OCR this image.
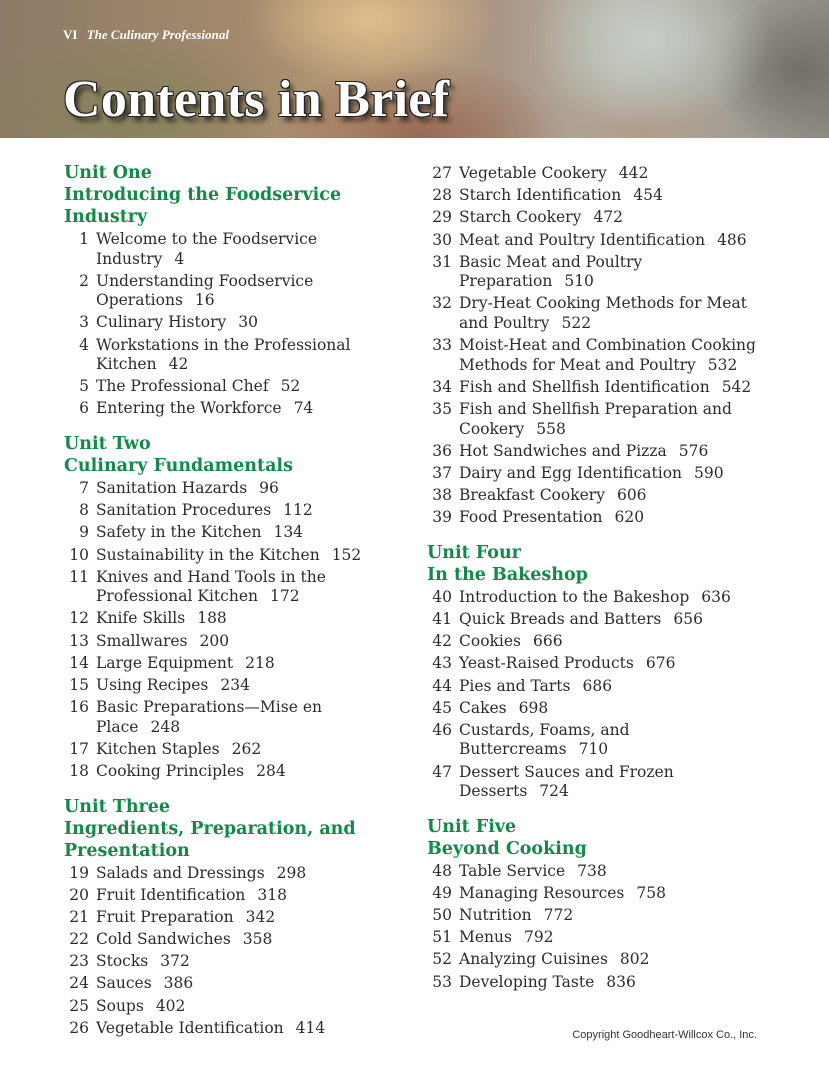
VI The Culinary Professional
Contents in Brief
Unit One
Introducing the Foodservice Industry
1 Welcome to the Foodservice Industry 4
2 Understanding Foodservice Operations 16
3 Culinary History 30
4 Workstations in the Professional Kitchen 42
5 The Professional Chef 52
6 Entering the Workforce 74
Unit Two
Culinary Fundamentals
7 Sanitation Hazards 96
8 Sanitation Procedures 112
9 Safety in the Kitchen 134
10 Sustainability in the Kitchen 152
11 Knives and Hand Tools in the Professional Kitchen 172
12 Knife Skills 188
13 Smallwares 200
14 Large Equipment 218
15 Using Recipes 234
16 Basic Preparations—Mise en Place 248
17 Kitchen Staples 262
18 Cooking Principles 284
Unit Three
Ingredients, Preparation, and Presentation
19 Salads and Dressings 298
20 Fruit Identification 318
21 Fruit Preparation 342
22 Cold Sandwiches 358
23 Stocks 372
24 Sauces 386
25 Soups 402
26 Vegetable Identification 414
27 Vegetable Cookery 442
28 Starch Identification 454
29 Starch Cookery 472
30 Meat and Poultry Identification 486
31 Basic Meat and Poultry Preparation 510
32 Dry-Heat Cooking Methods for Meat and Poultry 522
33 Moist-Heat and Combination Cooking Methods for Meat and Poultry 532
34 Fish and Shellfish Identification 542
35 Fish and Shellfish Preparation and Cookery 558
36 Hot Sandwiches and Pizza 576
37 Dairy and Egg Identification 590
38 Breakfast Cookery 606
39 Food Presentation 620
Unit Four
In the Bakeshop
40 Introduction to the Bakeshop 636
41 Quick Breads and Batters 656
42 Cookies 666
43 Yeast-Raised Products 676
44 Pies and Tarts 686
45 Cakes 698
46 Custards, Foams, and Buttercreams 710
47 Dessert Sauces and Frozen Desserts 724
Unit Five
Beyond Cooking
48 Table Service 738
49 Managing Resources 758
50 Nutrition 772
51 Menus 792
52 Analyzing Cuisines 802
53 Developing Taste 836
Copyright Goodheart-Willcox Co., Inc.
